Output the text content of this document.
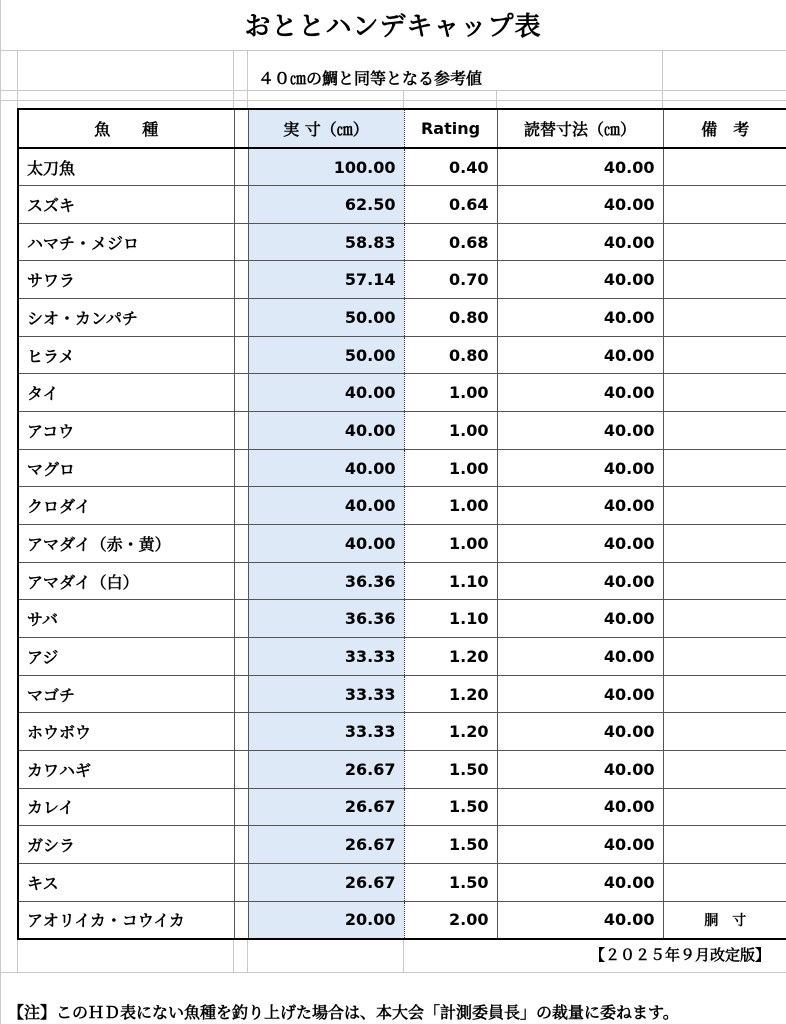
おととハンデキャップ表
４０㎝の鯛と同等となる参考値
魚　　種		実 寸（㎝）	Rating	読替寸法（㎝）	備　考
太刀魚		100.00	0.40	40.00	
スズキ		62.50	0.64	40.00	
ハマチ・メジロ		58.83	0.68	40.00	
サワラ		57.14	0.70	40.00	
シオ・カンパチ		50.00	0.80	40.00	
ヒラメ		50.00	0.80	40.00	
タイ		40.00	1.00	40.00	
アコウ		40.00	1.00	40.00	
マグロ		40.00	1.00	40.00	
クロダイ		40.00	1.00	40.00	
アマダイ（赤・黄）		40.00	1.00	40.00	
アマダイ（白）		36.36	1.10	40.00	
サバ		36.36	1.10	40.00	
アジ		33.33	1.20	40.00	
マゴチ		33.33	1.20	40.00	
ホウボウ		33.33	1.20	40.00	
カワハギ		26.67	1.50	40.00	
カレイ		26.67	1.50	40.00	
ガシラ		26.67	1.50	40.00	
キス		26.67	1.50	40.00	
アオリイカ・コウイカ		20.00	2.00	40.00	胴　寸
【２０２５年９月改定版】
【注】このＨＤ表にない魚種を釣り上げた場合は、本大会「計測委員長」の裁量に委ねます。
